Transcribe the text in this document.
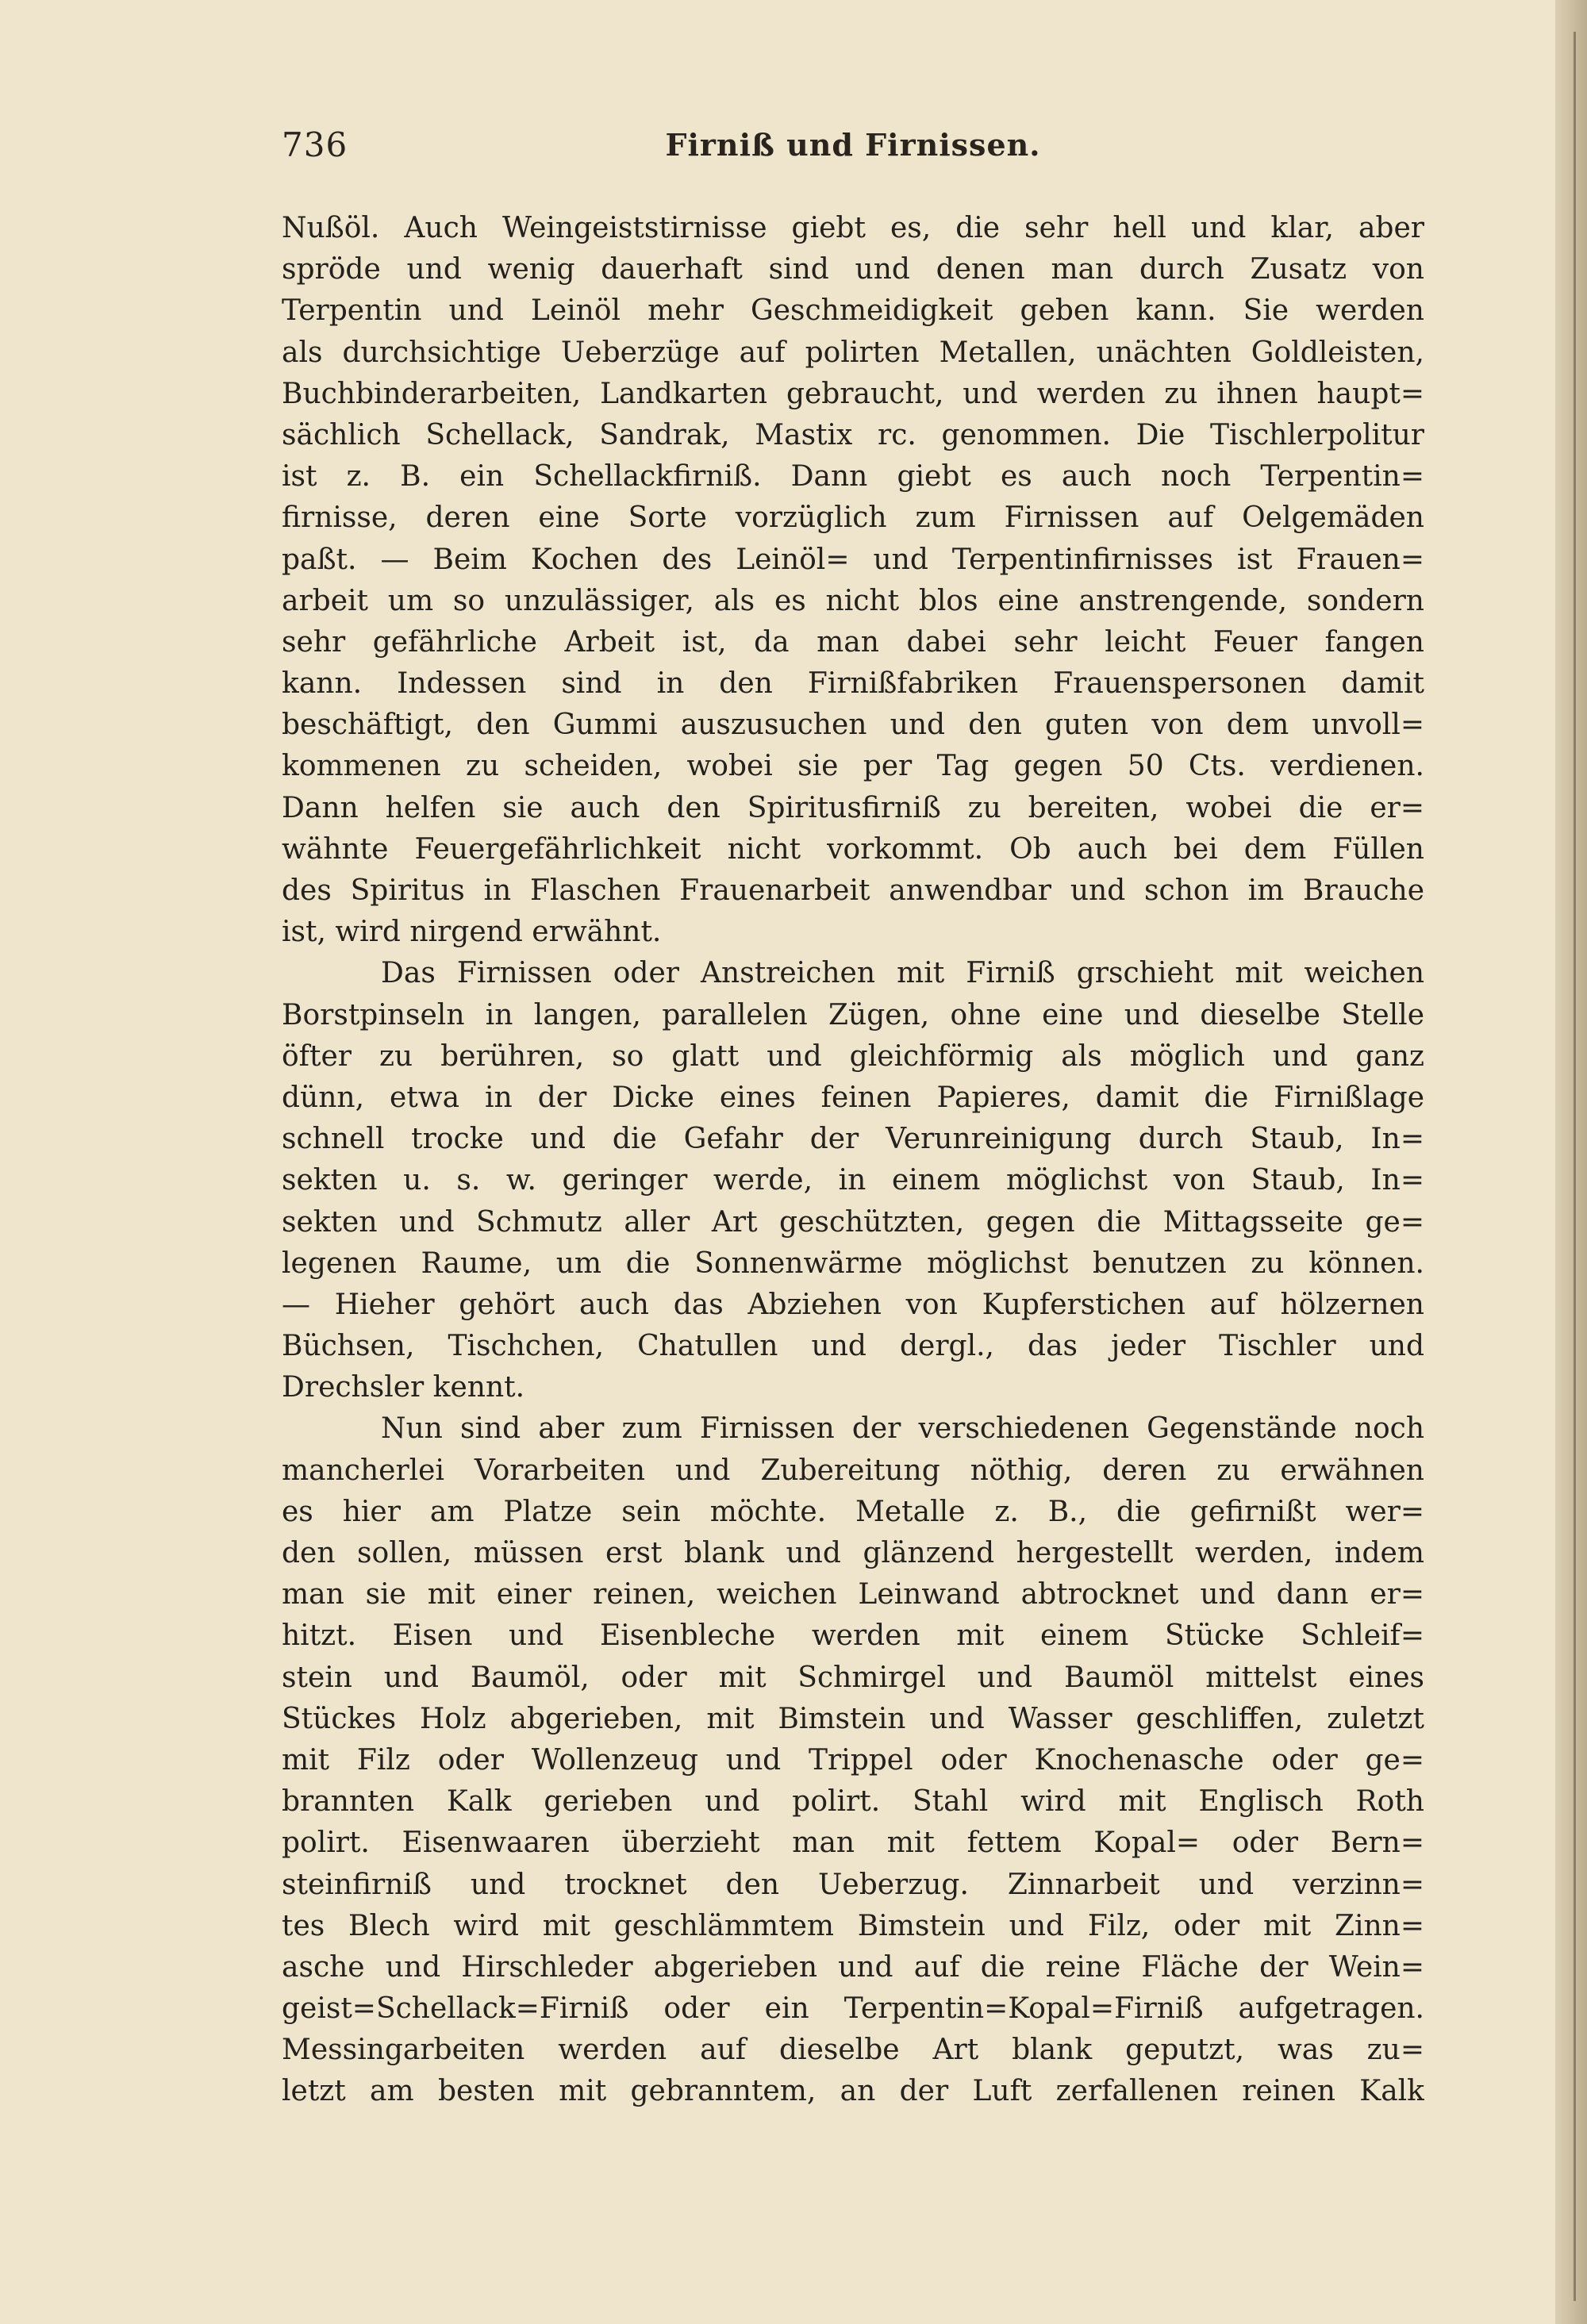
736	Firniß und Firnissen.
Nußöl. Auch Weingeiststirnisse giebt es, die sehr hell und klar, aber
spröde und wenig dauerhaft sind und denen man durch Zusatz von
Terpentin und Leinöl mehr Geschmeidigkeit geben kann. Sie werden
als durchsichtige Ueberzüge auf polirten Metallen, unächten Goldleisten,
Buchbinderarbeiten, Landkarten gebraucht, und werden zu ihnen haupt=
sächlich Schellack, Sandrak, Mastix rc. genommen. Die Tischlerpolitur
ist z. B. ein Schellackfirniß. Dann giebt es auch noch Terpentin=
firnisse, deren eine Sorte vorzüglich zum Firnissen auf Oelgemäden
paßt. — Beim Kochen des Leinöl= und Terpentinfirnisses ist Frauen=
arbeit um so unzulässiger, als es nicht blos eine anstrengende, sondern
sehr gefährliche Arbeit ist, da man dabei sehr leicht Feuer fangen
kann. Indessen sind in den Firnißfabriken Frauenspersonen damit
beschäftigt, den Gummi auszusuchen und den guten von dem unvoll=
kommenen zu scheiden, wobei sie per Tag gegen 50 Cts. verdienen.
Dann helfen sie auch den Spiritusfirniß zu bereiten, wobei die er=
wähnte Feuergefährlichkeit nicht vorkommt. Ob auch bei dem Füllen
des Spiritus in Flaschen Frauenarbeit anwendbar und schon im Brauche
ist, wird nirgend erwähnt.
Das Firnissen oder Anstreichen mit Firniß grschieht mit weichen
Borstpinseln in langen, parallelen Zügen, ohne eine und dieselbe Stelle
öfter zu berühren, so glatt und gleichförmig als möglich und ganz
dünn, etwa in der Dicke eines feinen Papieres, damit die Firnißlage
schnell trocke und die Gefahr der Verunreinigung durch Staub, In=
sekten u. s. w. geringer werde, in einem möglichst von Staub, In=
sekten und Schmutz aller Art geschützten, gegen die Mittagsseite ge=
legenen Raume, um die Sonnenwärme möglichst benutzen zu können.
— Hieher gehört auch das Abziehen von Kupferstichen auf hölzernen
Büchsen, Tischchen, Chatullen und dergl., das jeder Tischler und
Drechsler kennt.
Nun sind aber zum Firnissen der verschiedenen Gegenstände noch
mancherlei Vorarbeiten und Zubereitung nöthig, deren zu erwähnen
es hier am Platze sein möchte. Metalle z. B., die gefirnißt wer=
den sollen, müssen erst blank und glänzend hergestellt werden, indem
man sie mit einer reinen, weichen Leinwand abtrocknet und dann er=
hitzt. Eisen und Eisenbleche werden mit einem Stücke Schleif=
stein und Baumöl, oder mit Schmirgel und Baumöl mittelst eines
Stückes Holz abgerieben, mit Bimstein und Wasser geschliffen, zuletzt
mit Filz oder Wollenzeug und Trippel oder Knochenasche oder ge=
brannten Kalk gerieben und polirt. Stahl wird mit Englisch Roth
polirt. Eisenwaaren überzieht man mit fettem Kopal= oder Bern=
steinfirniß und trocknet den Ueberzug. Zinnarbeit und verzinn=
tes Blech wird mit geschlämmtem Bimstein und Filz, oder mit Zinn=
asche und Hirschleder abgerieben und auf die reine Fläche der Wein=
geist=Schellack=Firniß oder ein Terpentin=Kopal=Firniß aufgetragen.
Messingarbeiten werden auf dieselbe Art blank geputzt, was zu=
letzt am besten mit gebranntem, an der Luft zerfallenen reinen Kalk
